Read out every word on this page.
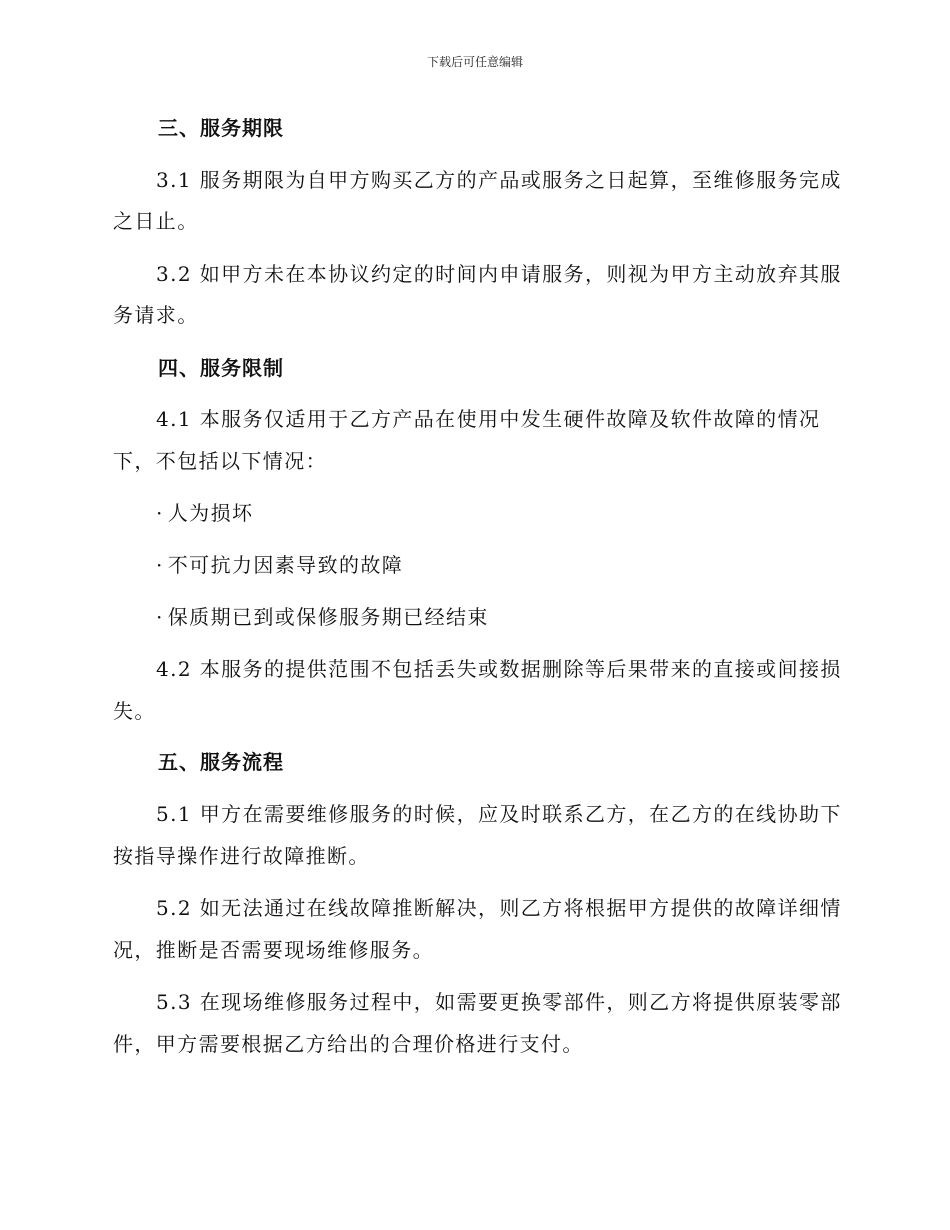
下载后可任意编辑
三、服务期限
3.1 服务期限为自甲方购买乙方的产品或服务之日起算，至维修服务完成
之日止。
3.2 如甲方未在本协议约定的时间内申请服务，则视为甲方主动放弃其服
务请求。
四、服务限制
4.1 本服务仅适用于乙方产品在使用中发生硬件故障及软件故障的情况
下，不包括以下情况：
· 人为损坏
· 不可抗力因素导致的故障
· 保质期已到或保修服务期已经结束
4.2 本服务的提供范围不包括丢失或数据删除等后果带来的直接或间接损
失。
五、服务流程
5.1 甲方在需要维修服务的时候，应及时联系乙方，在乙方的在线协助下
按指导操作进行故障推断。
5.2 如无法通过在线故障推断解决，则乙方将根据甲方提供的故障详细情
况，推断是否需要现场维修服务。
5.3 在现场维修服务过程中，如需要更换零部件，则乙方将提供原装零部
件，甲方需要根据乙方给出的合理价格进行支付。
